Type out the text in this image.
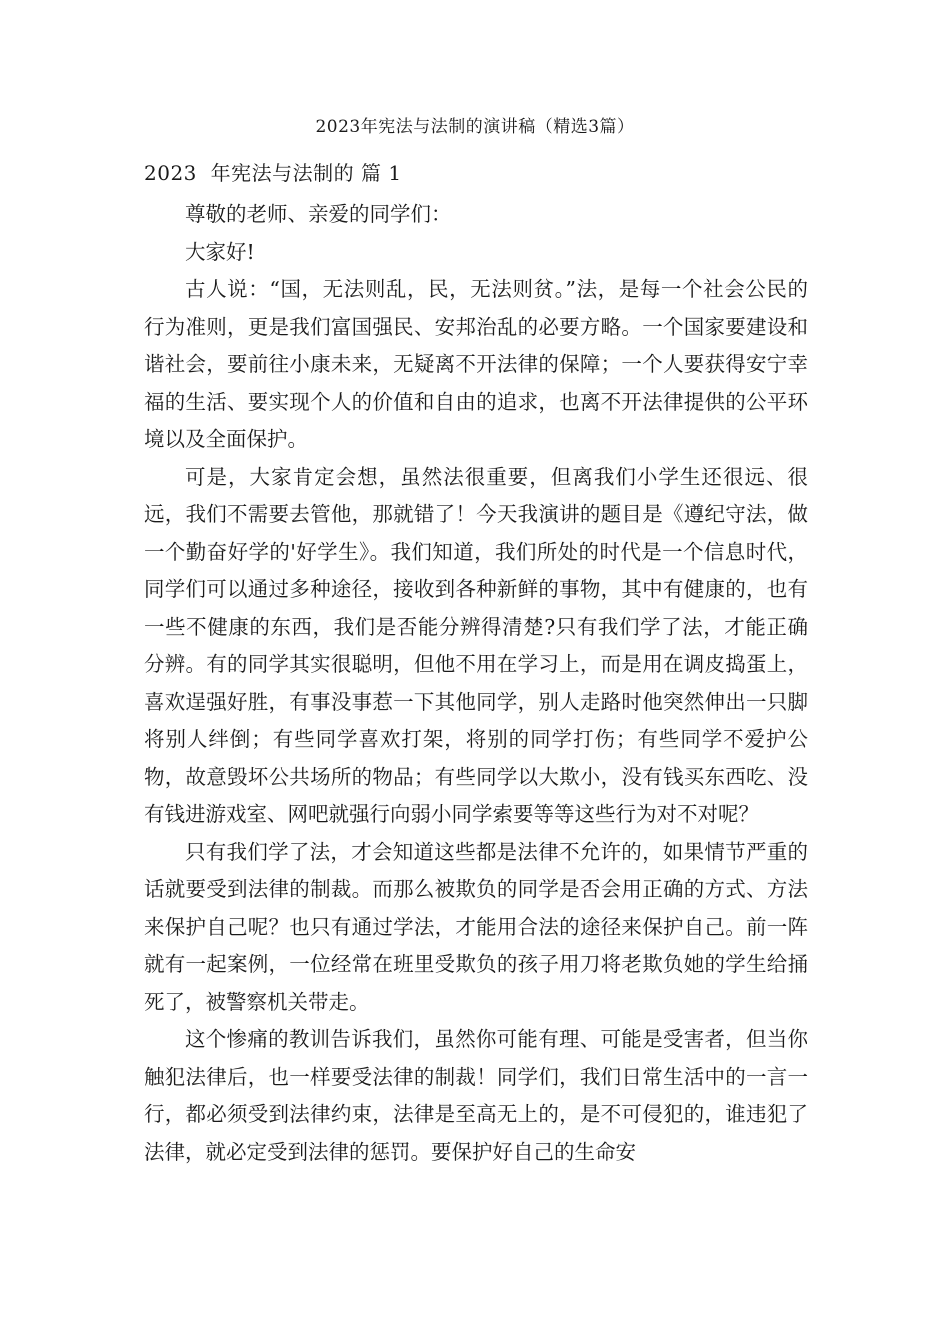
2023年宪法与法制的演讲稿（精选3篇）
2023  年宪法与法制的 篇 1

尊敬的老师、亲爱的同学们：

大家好!

古人说：“国，无法则乱，民，无法则贫。”法，是每一个社会公民的行为准则，更是我们富国强民、安邦治乱的必要方略。一个国家要建设和谐社会，要前往小康未来，无疑离不开法律的保障；一个人要获得安宁幸福的生活、要实现个人的价值和自由的追求，也离不开法律提供的公平环境以及全面保护。

可是，大家肯定会想，虽然法很重要，但离我们小学生还很远、很远，我们不需要去管他，那就错了！今天我演讲的题目是《遵纪守法，做一个勤奋好学的'好学生》。我们知道，我们所处的时代是一个信息时代，同学们可以通过多种途径，接收到各种新鲜的事物，其中有健康的，也有一些不健康的东西，我们是否能分辨得清楚?只有我们学了法，才能正确分辨。有的同学其实很聪明，但他不用在学习上，而是用在调皮捣蛋上，喜欢逞强好胜，有事没事惹一下其他同学，别人走路时他突然伸出一只脚将别人绊倒；有些同学喜欢打架，将别的同学打伤；有些同学不爱护公物，故意毁坏公共场所的物品；有些同学以大欺小，没有钱买东西吃、没有钱进游戏室、网吧就强行向弱小同学索要等等这些行为对不对呢？

只有我们学了法，才会知道这些都是法律不允许的，如果情节严重的话就要受到法律的制裁。而那么被欺负的同学是否会用正确的方式、方法来保护自己呢？也只有通过学法，才能用合法的途径来保护自己。前一阵就有一起案例，一位经常在班里受欺负的孩子用刀将老欺负她的学生给捅死了，被警察机关带走。

这个惨痛的教训告诉我们，虽然你可能有理、可能是受害者，但当你触犯法律后，也一样要受法律的制裁！同学们，我们日常生活中的一言一行，都必须受到法律约束，法律是至高无上的，是不可侵犯的，谁违犯了法律，就必定受到法律的惩罚。要保护好自己的生命安
